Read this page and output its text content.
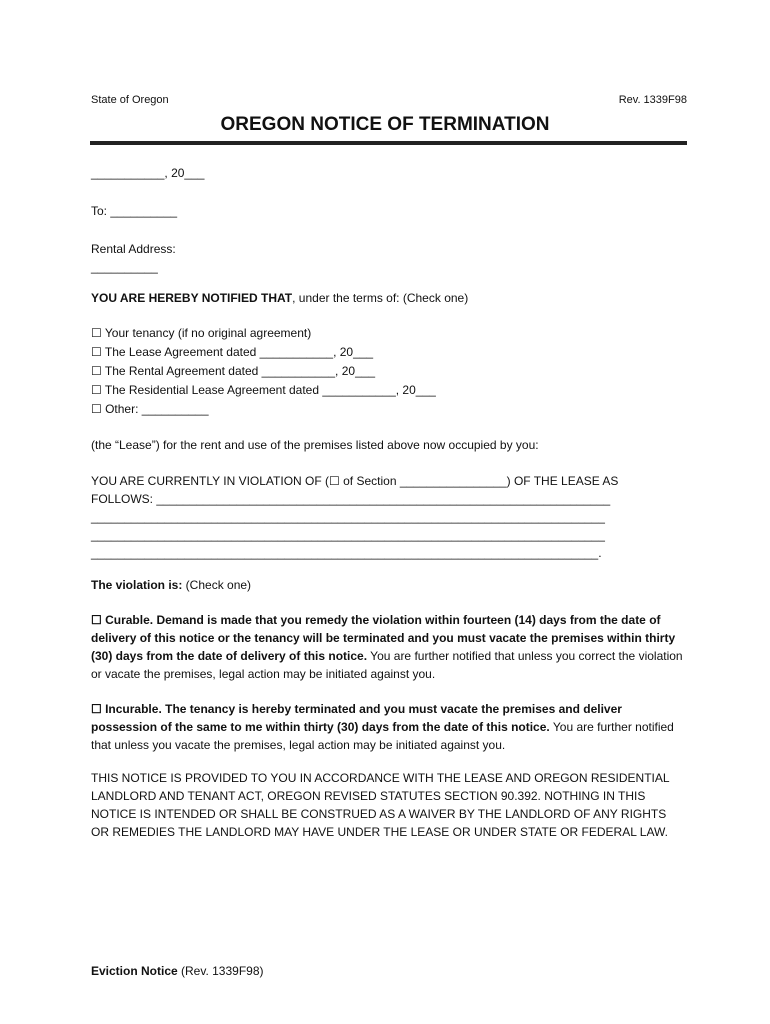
State of Oregon	Rev. 1339F98

OREGON NOTICE OF TERMINATION

___________, 20___

To: __________

Rental Address:

__________

YOU ARE HEREBY NOTIFIED THAT, under the terms of: (Check one)

☐ Your tenancy (if no original agreement)

☐ The Lease Agreement dated ___________, 20___

☐ The Rental Agreement dated ___________, 20___

☐ The Residential Lease Agreement dated ___________, 20___

☐ Other: __________

(the “Lease”) for the rent and use of the premises listed above now occupied by you:

YOU ARE CURRENTLY IN VIOLATION OF (☐ of Section ________________) OF THE LEASE AS

FOLLOWS: ____________________________________________________________________

_____________________________________________________________________________

_____________________________________________________________________________

____________________________________________________________________________.

The violation is: (Check one)

☐ Curable. Demand is made that you remedy the violation within fourteen (14) days from the date of delivery of this notice or the tenancy will be terminated and you must vacate the premises within thirty (30) days from the date of delivery of this notice. You are further notified that unless you correct the violation or vacate the premises, legal action may be initiated against you.

☐ Incurable. The tenancy is hereby terminated and you must vacate the premises and deliver possession of the same to me within thirty (30) days from the date of this notice. You are further notified that unless you vacate the premises, legal action may be initiated against you.

THIS NOTICE IS PROVIDED TO YOU IN ACCORDANCE WITH THE LEASE AND OREGON RESIDENTIAL LANDLORD AND TENANT ACT, OREGON REVISED STATUTES SECTION 90.392. NOTHING IN THIS NOTICE IS INTENDED OR SHALL BE CONSTRUED AS A WAIVER BY THE LANDLORD OF ANY RIGHTS OR REMEDIES THE LANDLORD MAY HAVE UNDER THE LEASE OR UNDER STATE OR FEDERAL LAW.

Eviction Notice (Rev. 1339F98)
